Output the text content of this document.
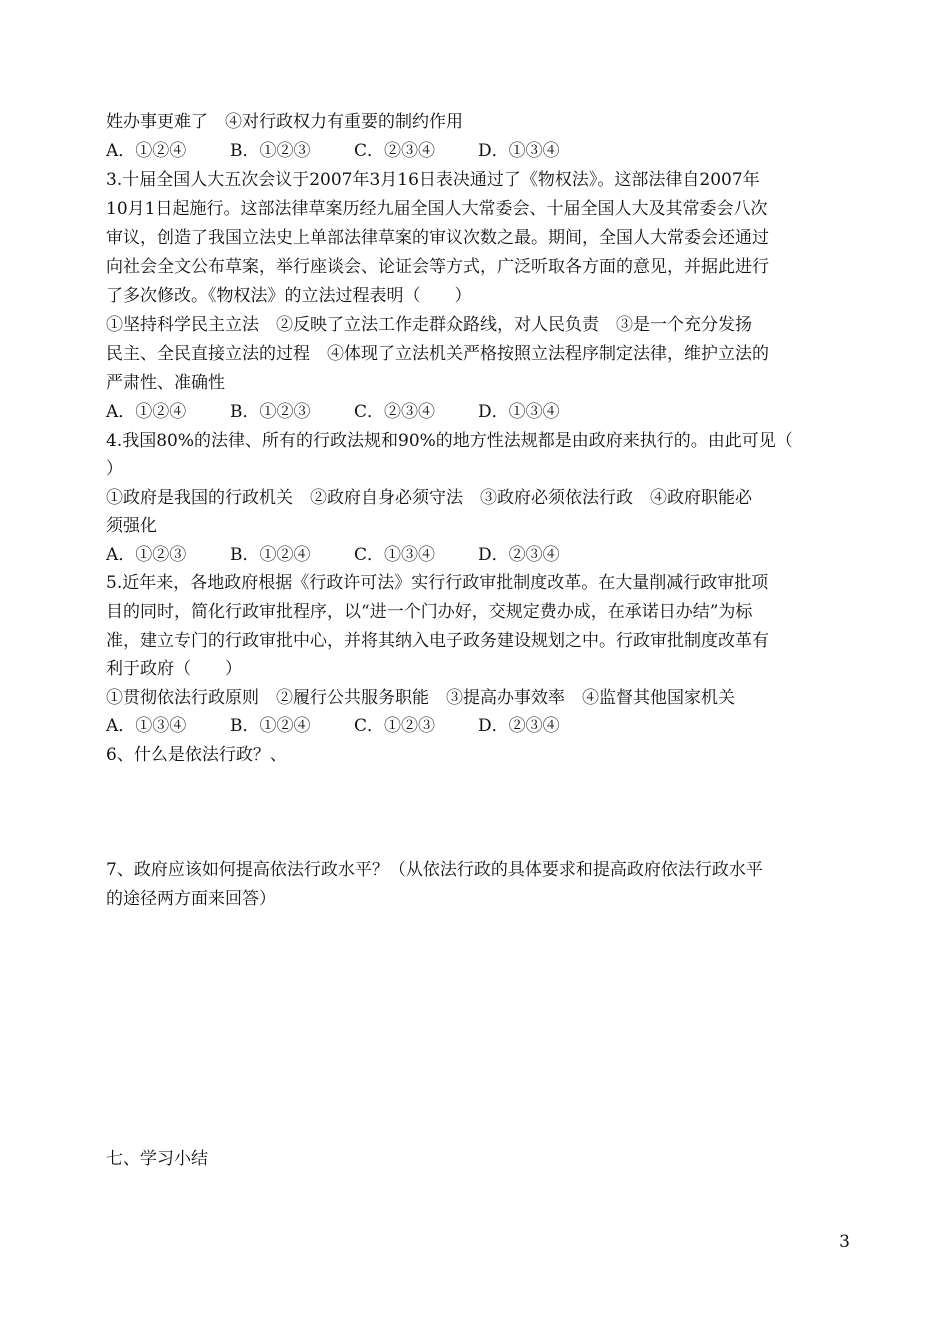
姓办事更难了　④对行政权力有重要的制约作用
A．①②④	B．①②③	C．②③④	D．①③④
3.十届全国人大五次会议于2007年3月16日表决通过了《物权法》。这部法律自2007年
10月1日起施行。这部法律草案历经九届全国人大常委会、十届全国人大及其常委会八次
审议，创造了我国立法史上单部法律草案的审议次数之最。期间，全国人大常委会还通过
向社会全文公布草案，举行座谈会、论证会等方式，广泛听取各方面的意见，并据此进行
了多次修改。《物权法》的立法过程表明（　　）
①坚持科学民主立法　②反映了立法工作走群众路线，对人民负责　③是一个充分发扬
民主、全民直接立法的过程　④体现了立法机关严格按照立法程序制定法律，维护立法的
严肃性、准确性
A．①②④	B．①②③	C．②③④	D．①③④
4.我国80%的法律、所有的行政法规和90%的地方性法规都是由政府来执行的。由此可见（
）
①政府是我国的行政机关　②政府自身必须守法　③政府必须依法行政　④政府职能必
须强化
A．①②③	B．①②④	C．①③④	D．②③④
5.近年来，各地政府根据《行政许可法》实行行政审批制度改革。在大量削减行政审批项
目的同时，简化行政审批程序，以“进一个门办好，交规定费办成，在承诺日办结”为标
准，建立专门的行政审批中心，并将其纳入电子政务建设规划之中。行政审批制度改革有
利于政府（　　）
①贯彻依法行政原则　②履行公共服务职能　③提高办事效率　④监督其他国家机关
A．①③④	B．①②④	C．①②③	D．②③④
6、什么是依法行政？、
7、政府应该如何提高依法行政水平？（从依法行政的具体要求和提高政府依法行政水平
的途径两方面来回答）
七、学习小结
3
